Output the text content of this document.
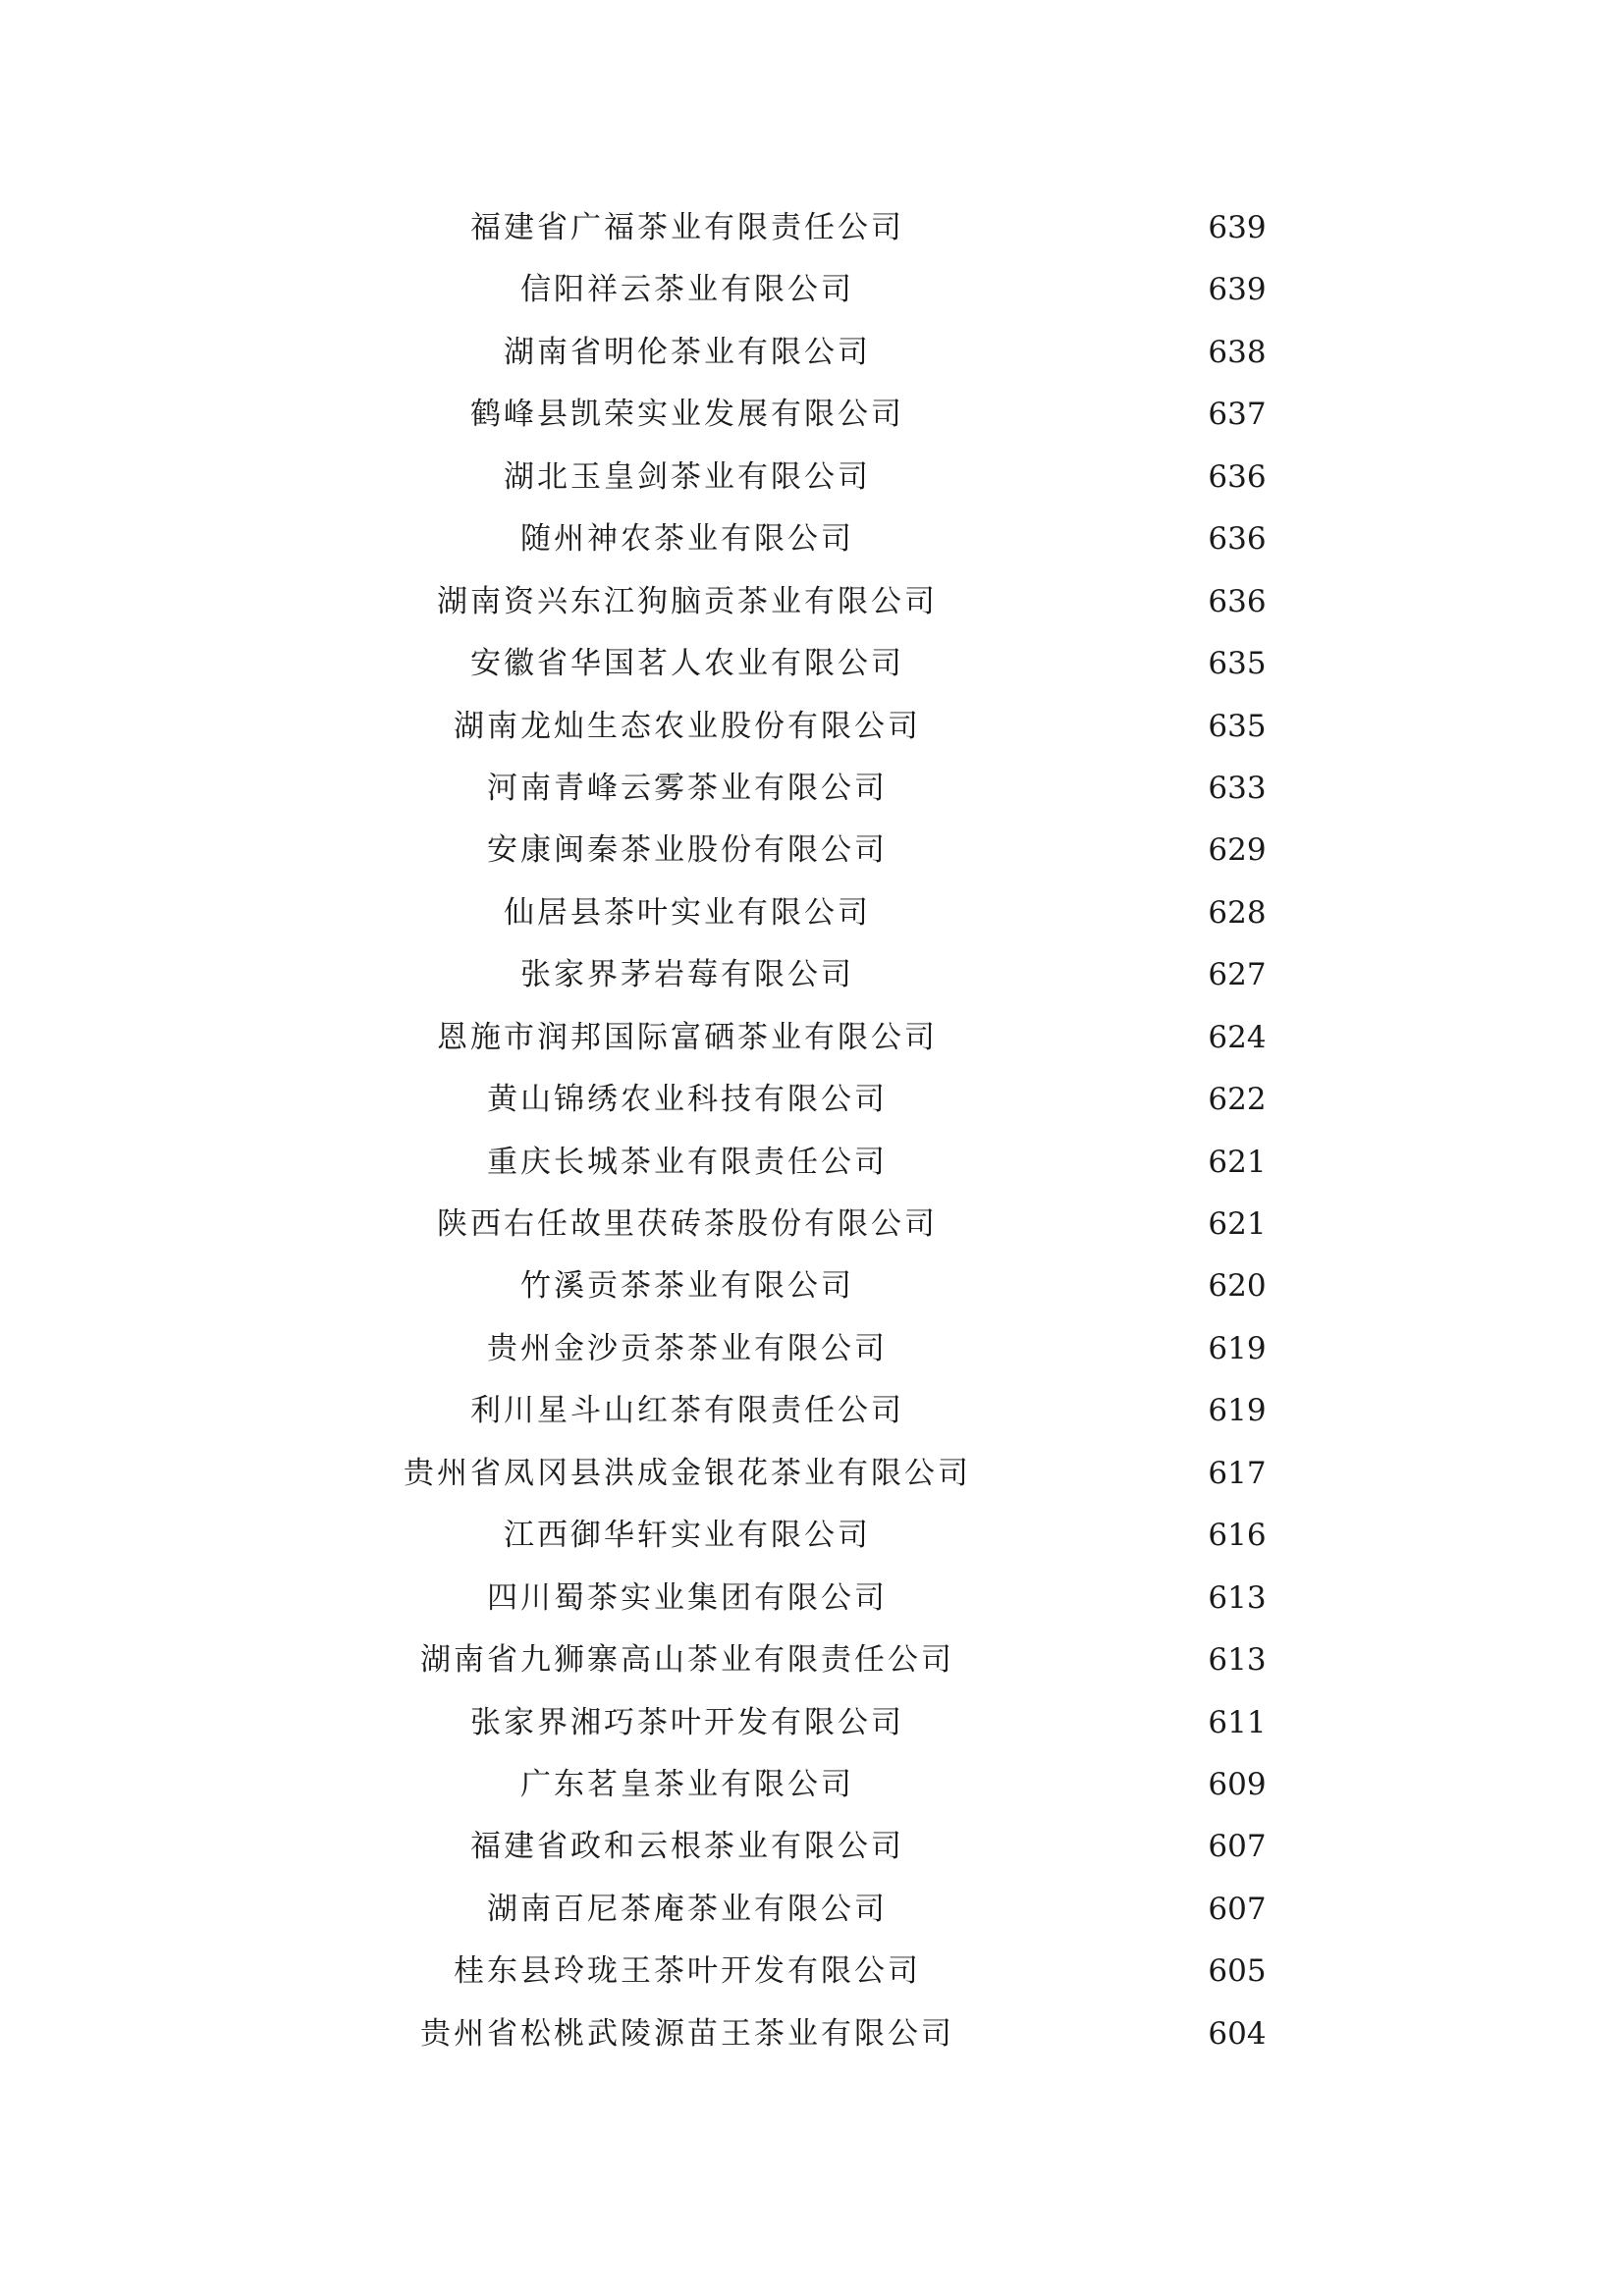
福建省广福茶业有限责任公司	639
信阳祥云茶业有限公司	639
湖南省明伦茶业有限公司	638
鹤峰县凯荣实业发展有限公司	637
湖北玉皇剑茶业有限公司	636
随州神农茶业有限公司	636
湖南资兴东江狗脑贡茶业有限公司	636
安徽省华国茗人农业有限公司	635
湖南龙灿生态农业股份有限公司	635
河南青峰云雾茶业有限公司	633
安康闽秦茶业股份有限公司	629
仙居县茶叶实业有限公司	628
张家界茅岩莓有限公司	627
恩施市润邦国际富硒茶业有限公司	624
黄山锦绣农业科技有限公司	622
重庆长城茶业有限责任公司	621
陕西右任故里茯砖茶股份有限公司	621
竹溪贡茶茶业有限公司	620
贵州金沙贡茶茶业有限公司	619
利川星斗山红茶有限责任公司	619
贵州省凤冈县洪成金银花茶业有限公司	617
江西御华轩实业有限公司	616
四川蜀茶实业集团有限公司	613
湖南省九狮寨高山茶业有限责任公司	613
张家界湘巧茶叶开发有限公司	611
广东茗皇茶业有限公司	609
福建省政和云根茶业有限公司	607
湖南百尼茶庵茶业有限公司	607
桂东县玲珑王茶叶开发有限公司	605
贵州省松桃武陵源苗王茶业有限公司	604
